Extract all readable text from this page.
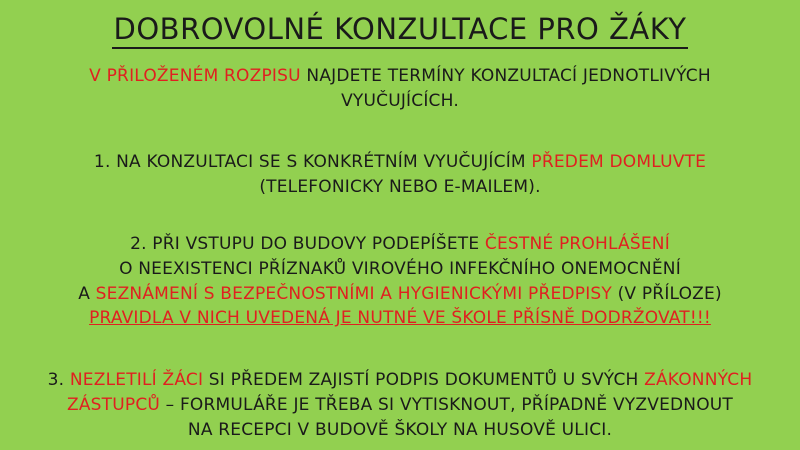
DOBROVOLNÉ KONZULTACE PRO ŽÁKY
V PŘILOŽENÉM ROZPISU NAJDETE TERMÍNY KONZULTACÍ JEDNOTLIVÝCH
VYUČUJÍCÍCH.
1. NA KONZULTACI SE S KONKRÉTNÍM VYUČUJÍCÍM PŘEDEM DOMLUVTE
(TELEFONICKY NEBO E-MAILEM).
2. PŘI VSTUPU DO BUDOVY PODEPÍŠETE ČESTNÉ PROHLÁŠENÍ
O NEEXISTENCI PŘÍZNAKŮ VIROVÉHO INFEKČNÍHO ONEMOCNĚNÍ
A SEZNÁMENÍ S BEZPEČNOSTNÍMI A HYGIENICKÝMI PŘEDPISY (V PŘÍLOZE)
PRAVIDLA V NICH UVEDENÁ JE NUTNÉ VE ŠKOLE PŘÍSNĚ DODRŽOVAT!!!
3. NEZLETILÍ ŽÁCI SI PŘEDEM ZAJISTÍ PODPIS DOKUMENTŮ U SVÝCH ZÁKONNÝCH
ZÁSTUPCŮ – FORMULÁŘE JE TŘEBA SI VYTISKNOUT, PŘÍPADNĚ VYZVEDNOUT
NA RECEPCI V BUDOVĚ ŠKOLY NA HUSOVĚ ULICI.
